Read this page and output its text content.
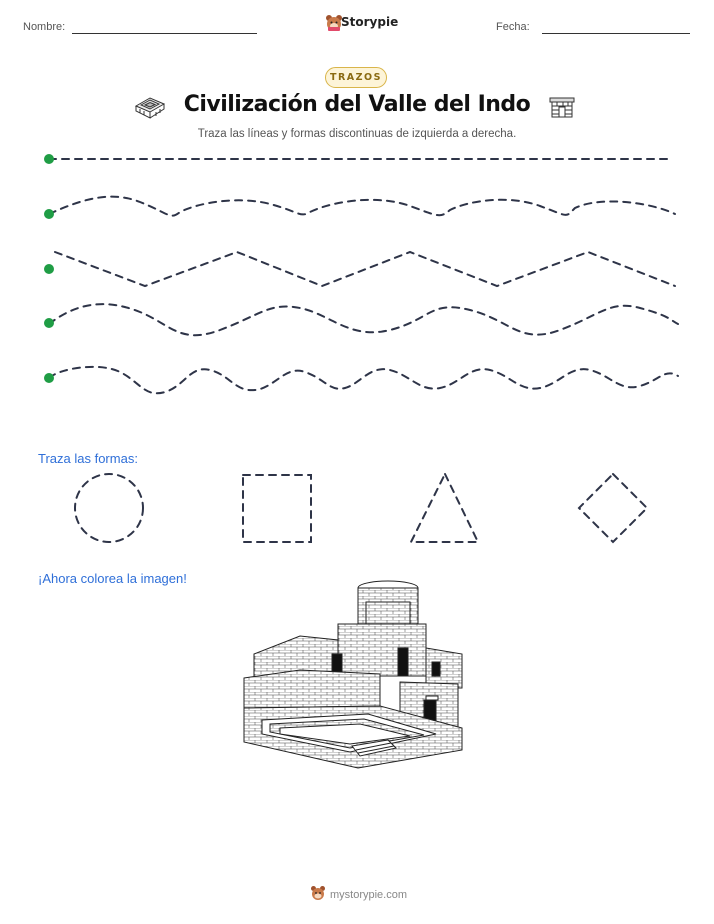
Nombre:	Storypie	Fecha:
TRAZOS
Civilización del Valle del Indo
Traza las líneas y formas discontinuas de izquierda a derecha.
Traza las formas:
¡Ahora colorea la imagen!
mystorypie.com
